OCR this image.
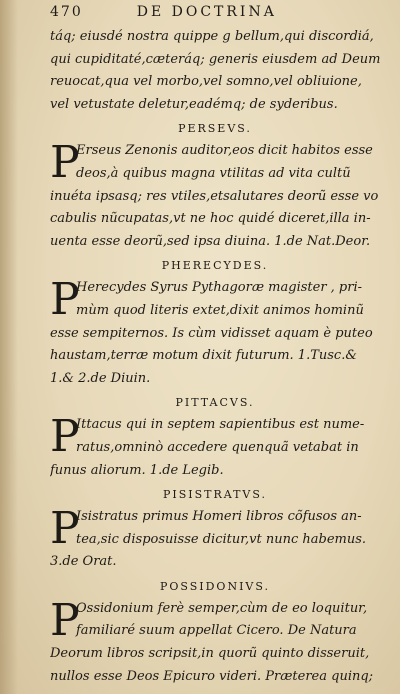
470	DE DOCTRINA
táq; eiusdé nostra quippe g bellum,qui discordiá,
qui cupiditaté,cæteráq; generis eiusdem ad Deum
reuocat,qua vel morbo,vel somno,vel obliuione,
vel vetustate deletur,eadémq; de syderibus.
PERSEVS.
P
Erseus Zenonis auditor,eos dicit habitos esse
deos,à quibus magna vtilitas ad vita cultũ
inuéta ipsasq; res vtiles,etsalutares deorũ esse vo
cabulis nũcupatas,vt ne hoc quidé diceret,illa in-
uenta esse deorũ,sed ipsa diuina. 1.de Nat.Deor.
PHERECYDES.
P
Herecydes Syrus Pythagoræ magister , pri-
mùm quod literis extet,dixit animos hominũ
esse sempiternos. Is cùm vidisset aquam è puteo
haustam,terræ motum dixit futurum. 1.Tusc.&
1.& 2.de Diuin.
PITTACVS.
P
Ittacus qui in septem sapientibus est nume-
ratus,omninò accedere quenquã vetabat in
funus aliorum. 1.de Legib.
PISISTRATVS.
P
Isistratus primus Homeri libros cõfusos an-
tea,sic disposuisse dicitur,vt nunc habemus.
3.de Orat.
POSSIDONIVS.
P
Ossidonium ferè semper,cùm de eo loquitur,
familiaré suum appellat Cicero. De Natura
Deorum libros scripsit,in quorũ quinto disseruit,
nullos esse Deos Epicuro videri. Præterea quinq;
